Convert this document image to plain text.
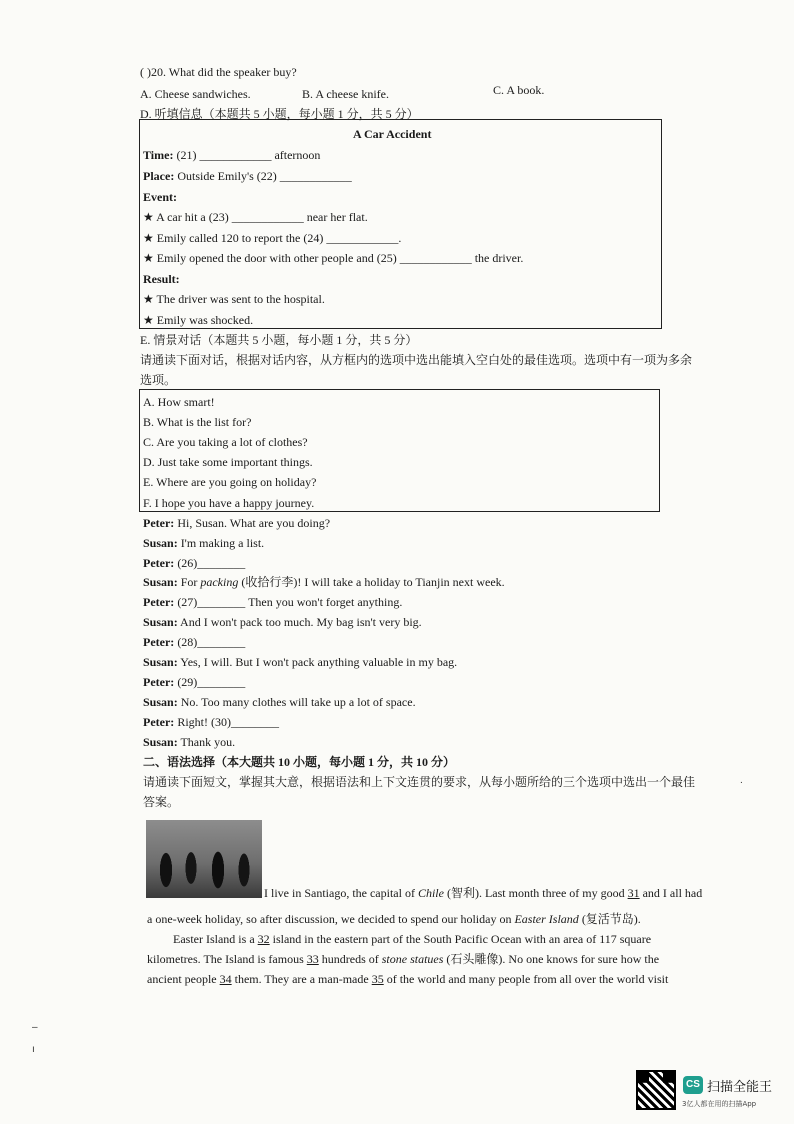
( )20. What did the speaker buy?
A. Cheese sandwiches.	B. A cheese knife.	C. A book.
D. 听填信息（本题共 5 小题，每小题 1 分，共 5 分）
A Car Accident
Time: (21) ____________ afternoon
Place: Outside Emily's (22) ____________
Event:
★ A car hit a (23) ____________ near her flat.
★ Emily called 120 to report the (24) ____________.
★ Emily opened the door with other people and (25) ____________ the driver.
Result:
★ The driver was sent to the hospital.
★ Emily was shocked.
E. 情景对话（本题共 5 小题，每小题 1 分，共 5 分）
请通读下面对话，根据对话内容，从方框内的选项中选出能填入空白处的最佳选项。选项中有一项为多余
选项。
A. How smart!
B. What is the list for?
C. Are you taking a lot of clothes?
D. Just take some important things.
E. Where are you going on holiday?
F. I hope you have a happy journey.
Peter: Hi, Susan. What are you doing?
Susan: I'm making a list.
Peter: (26)________
Susan: For packing (收拾行李)! I will take a holiday to Tianjin next week.
Peter: (27)________ Then you won't forget anything.
Susan: And I won't pack too much. My bag isn't very big.
Peter: (28)________
Susan: Yes, I will. But I won't pack anything valuable in my bag.
Peter: (29)________
Susan: No. Too many clothes will take up a lot of space.
Peter: Right! (30)________
Susan: Thank you.
二、语法选择（本大题共 10 小题，每小题 1 分，共 10 分）
请通读下面短文，掌握其大意，根据语法和上下文连贯的要求，从每小题所给的三个选项中选出一个最佳	.
答案。
I live in Santiago, the capital of Chile (智利). Last month three of my good 31 and I all had
a one-week holiday, so after discussion, we decided to spend our holiday on Easter Island (复活节岛).
Easter Island is a 32 island in the eastern part of the South Pacific Ocean with an area of 117 square
kilometres. The Island is famous 33 hundreds of stone statues (石头雕像). No one knows for sure how the
ancient people 34 them. They are a man-made 35 of the world and many people from all over the world visit
–
ı
CS 扫描全能王
3亿人都在用的扫描App
